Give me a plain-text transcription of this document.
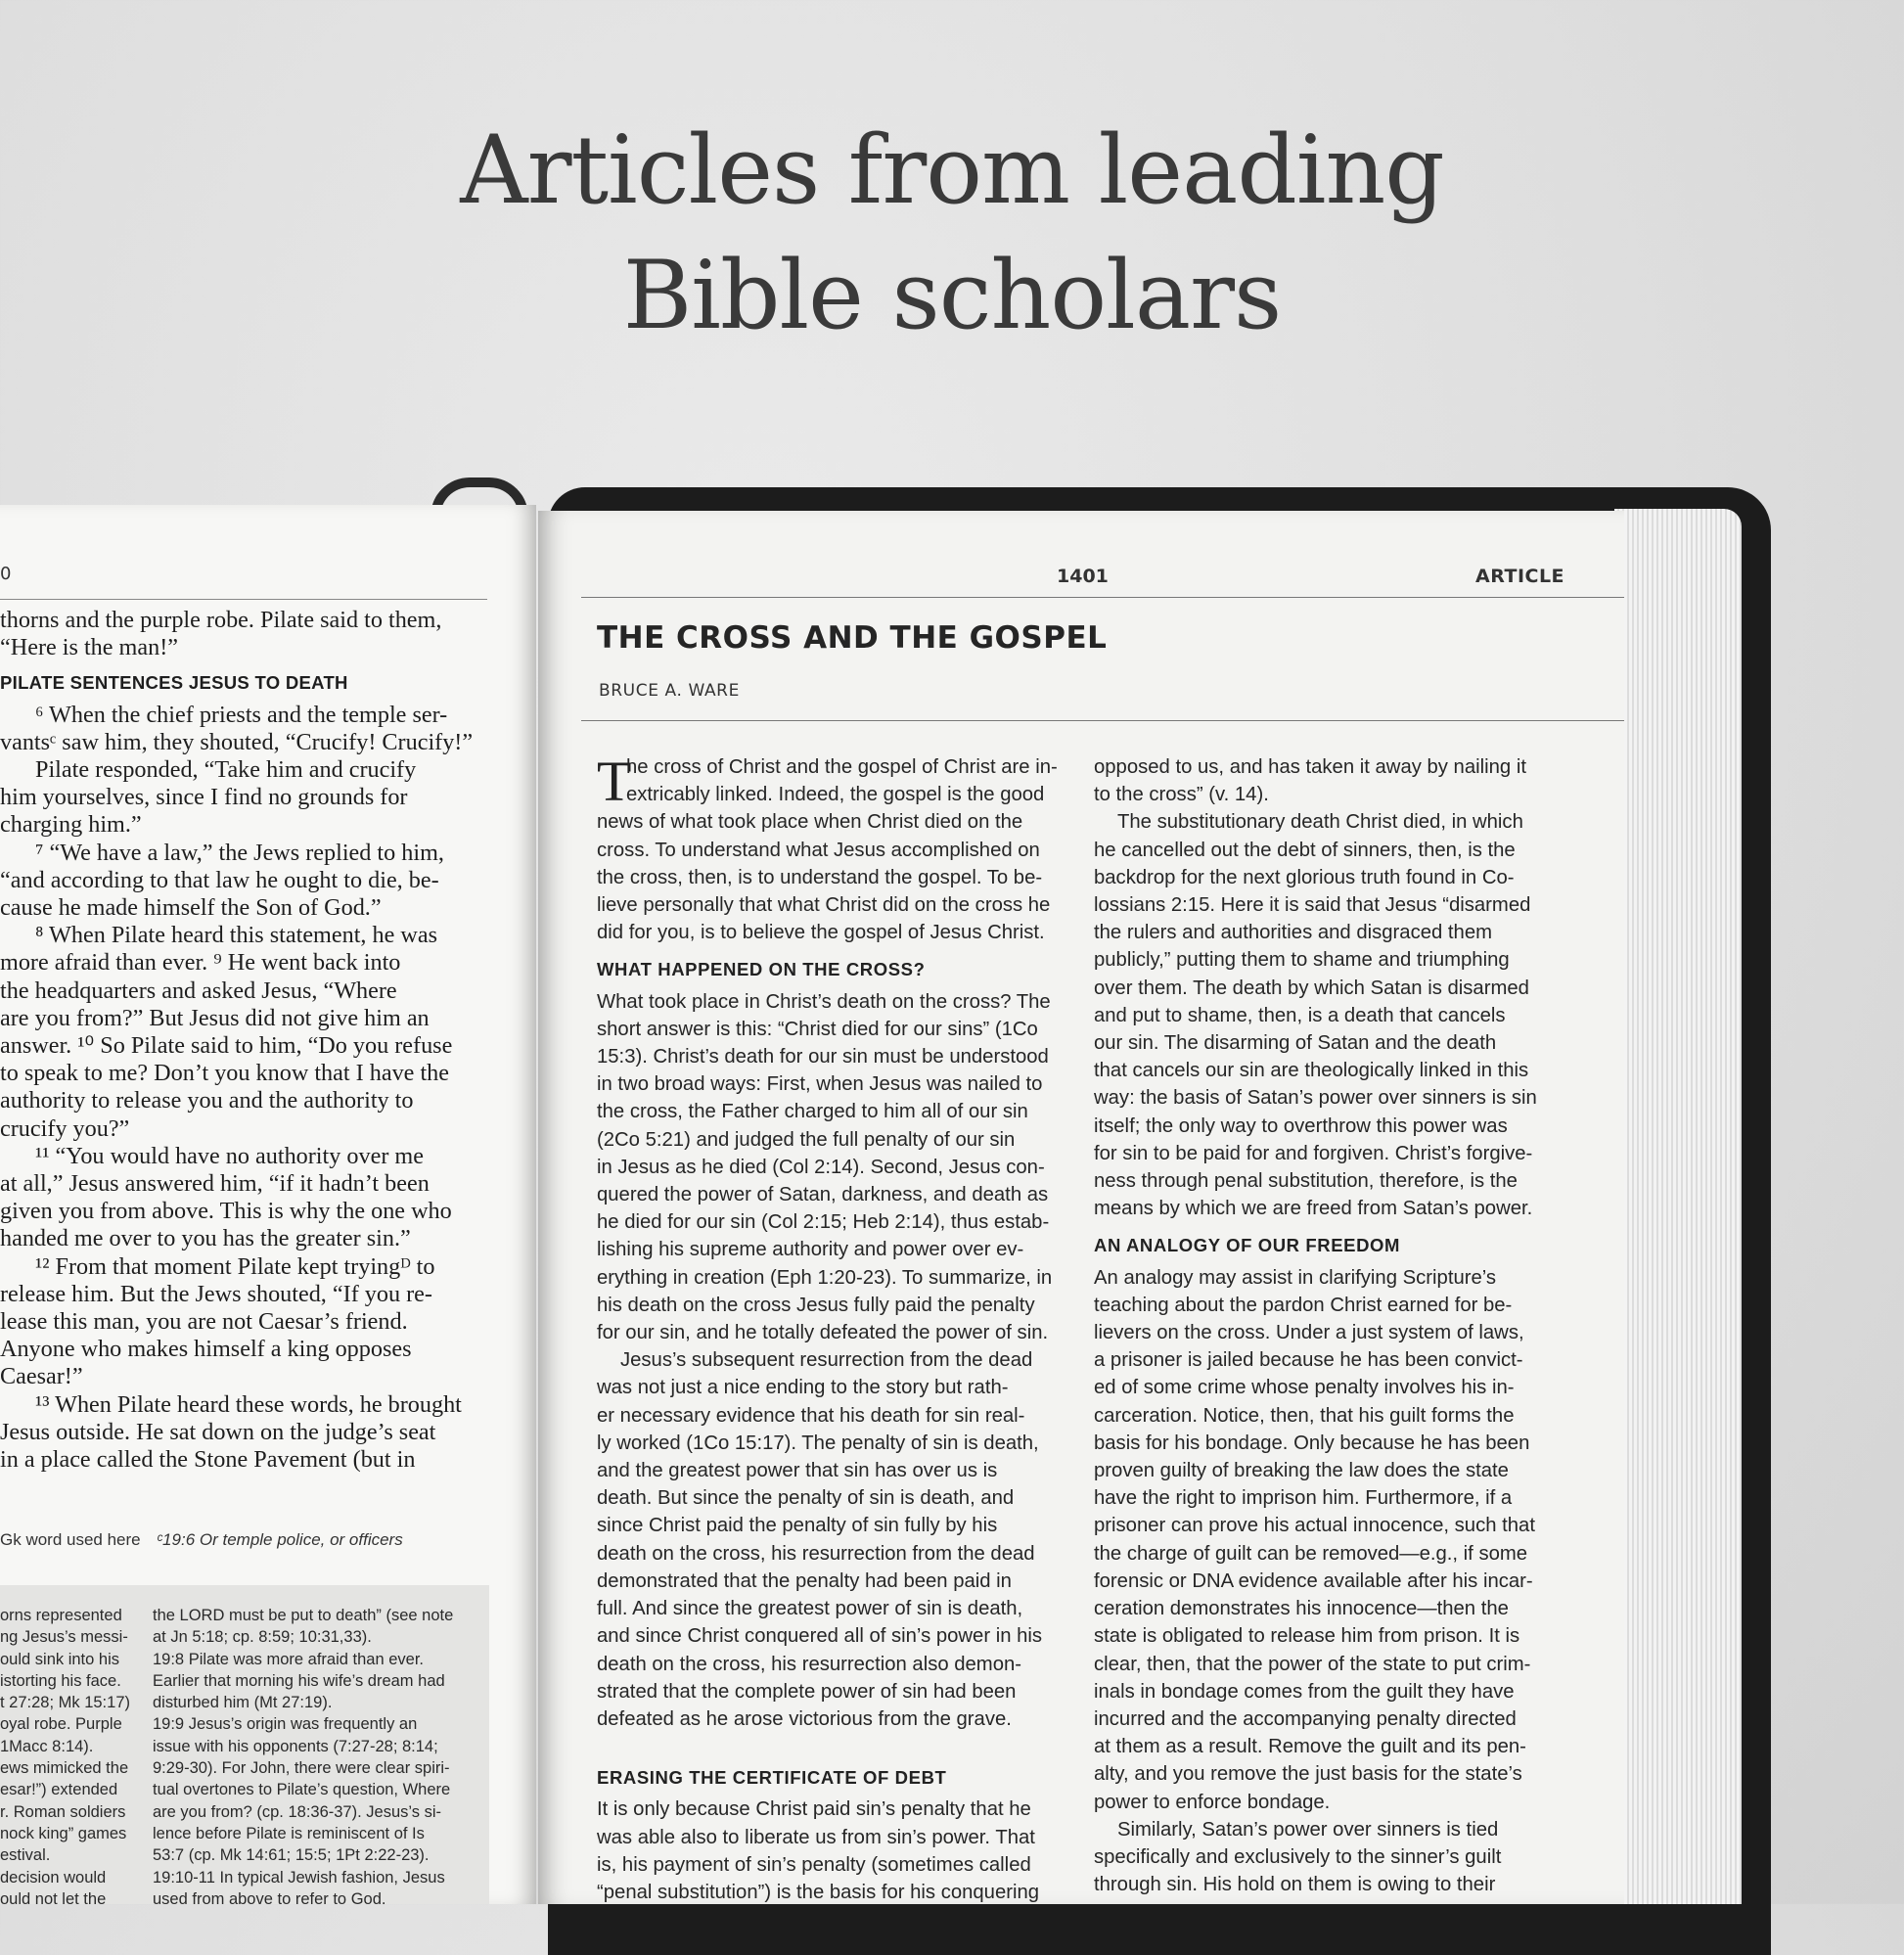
Articles from leading
Bible scholars
0
thorns and the purple robe. Pilate said to them,
“Here is the man!”
PILATE SENTENCES JESUS TO DEATH
⁶ When the chief priests and the temple ser-
vantsᶜ saw him, they shouted, “Crucify! Crucify!”
Pilate responded, “Take him and crucify
him yourselves, since I find no grounds for
charging him.”
⁷ “We have a law,” the Jews replied to him,
“and according to that law he ought to die, be-
cause he made himself the Son of God.”
⁸ When Pilate heard this statement, he was
more afraid than ever. ⁹ He went back into
the headquarters and asked Jesus, “Where
are you from?” But Jesus did not give him an
answer. ¹⁰ So Pilate said to him, “Do you refuse
to speak to me? Don’t you know that I have the
authority to release you and the authority to
crucify you?”
¹¹ “You would have no authority over me
at all,” Jesus answered him, “if it hadn’t been
given you from above. This is why the one who
handed me over to you has the greater sin.”
¹² From that moment Pilate kept tryingᴰ to
release him. But the Jews shouted, “If you re-
lease this man, you are not Caesar’s friend.
Anyone who makes himself a king opposes
Caesar!”
¹³ When Pilate heard these words, he brought
Jesus outside. He sat down on the judge’s seat
in a place called the Stone Pavement (but in
Gk word used here ᶜ19:6 Or temple police, or officers
orns represented
ng Jesus’s messi-
ould sink into his
istorting his face.
t 27:28; Mk 15:17)
oyal robe. Purple
1Macc 8:14).
ews mimicked the
esar!”) extended
r. Roman soldiers
nock king” games
estival.
decision would
ould not let the
the LORD must be put to death” (see note
at Jn 5:18; cp. 8:59; 10:31,33).
19:8 Pilate was more afraid than ever.
Earlier that morning his wife’s dream had
disturbed him (Mt 27:19).
19:9 Jesus’s origin was frequently an
issue with his opponents (7:27-28; 8:14;
9:29-30). For John, there were clear spiri-
tual overtones to Pilate’s question, Where
are you from? (cp. 18:36-37). Jesus’s si-
lence before Pilate is reminiscent of Is
53:7 (cp. Mk 14:61; 15:5; 1Pt 2:22-23).
19:10-11 In typical Jewish fashion, Jesus
used from above to refer to God.
1401	ARTICLE
THE CROSS AND THE GOSPEL
BRUCE A. WARE
T
he cross of Christ and the gospel of Christ are in-
extricably linked. Indeed, the gospel is the good
news of what took place when Christ died on the
cross. To understand what Jesus accomplished on
the cross, then, is to understand the gospel. To be-
lieve personally that what Christ did on the cross he
did for you, is to believe the gospel of Jesus Christ.
WHAT HAPPENED ON THE CROSS?
What took place in Christ’s death on the cross? The
short answer is this: “Christ died for our sins” (1Co
15:3). Christ’s death for our sin must be understood
in two broad ways: First, when Jesus was nailed to
the cross, the Father charged to him all of our sin
(2Co 5:21) and judged the full penalty of our sin
in Jesus as he died (Col 2:14). Second, Jesus con-
quered the power of Satan, darkness, and death as
he died for our sin (Col 2:15; Heb 2:14), thus estab-
lishing his supreme authority and power over ev-
erything in creation (Eph 1:20-23). To summarize, in
his death on the cross Jesus fully paid the penalty
for our sin, and he totally defeated the power of sin.
Jesus’s subsequent resurrection from the dead
was not just a nice ending to the story but rath-
er necessary evidence that his death for sin real-
ly worked (1Co 15:17). The penalty of sin is death,
and the greatest power that sin has over us is
death. But since the penalty of sin is death, and
since Christ paid the penalty of sin fully by his
death on the cross, his resurrection from the dead
demonstrated that the penalty had been paid in
full. And since the greatest power of sin is death,
and since Christ conquered all of sin’s power in his
death on the cross, his resurrection also demon-
strated that the complete power of sin had been
defeated as he arose victorious from the grave.
ERASING THE CERTIFICATE OF DEBT
It is only because Christ paid sin’s penalty that he
was able also to liberate us from sin’s power. That
is, his payment of sin’s penalty (sometimes called
“penal substitution”) is the basis for his conquering
opposed to us, and has taken it away by nailing it
to the cross” (v. 14).
The substitutionary death Christ died, in which
he cancelled out the debt of sinners, then, is the
backdrop for the next glorious truth found in Co-
lossians 2:15. Here it is said that Jesus “disarmed
the rulers and authorities and disgraced them
publicly,” putting them to shame and triumphing
over them. The death by which Satan is disarmed
and put to shame, then, is a death that cancels
our sin. The disarming of Satan and the death
that cancels our sin are theologically linked in this
way: the basis of Satan’s power over sinners is sin
itself; the only way to overthrow this power was
for sin to be paid for and forgiven. Christ’s forgive-
ness through penal substitution, therefore, is the
means by which we are freed from Satan’s power.
AN ANALOGY OF OUR FREEDOM
An analogy may assist in clarifying Scripture’s
teaching about the pardon Christ earned for be-
lievers on the cross. Under a just system of laws,
a prisoner is jailed because he has been convict-
ed of some crime whose penalty involves his in-
carceration. Notice, then, that his guilt forms the
basis for his bondage. Only because he has been
proven guilty of breaking the law does the state
have the right to imprison him. Furthermore, if a
prisoner can prove his actual innocence, such that
the charge of guilt can be removed—e.g., if some
forensic or DNA evidence available after his incar-
ceration demonstrates his innocence—then the
state is obligated to release him from prison. It is
clear, then, that the power of the state to put crim-
inals in bondage comes from the guilt they have
incurred and the accompanying penalty directed
at them as a result. Remove the guilt and its pen-
alty, and you remove the just basis for the state’s
power to enforce bondage.
Similarly, Satan’s power over sinners is tied
specifically and exclusively to the sinner’s guilt
through sin. His hold on them is owing to their
